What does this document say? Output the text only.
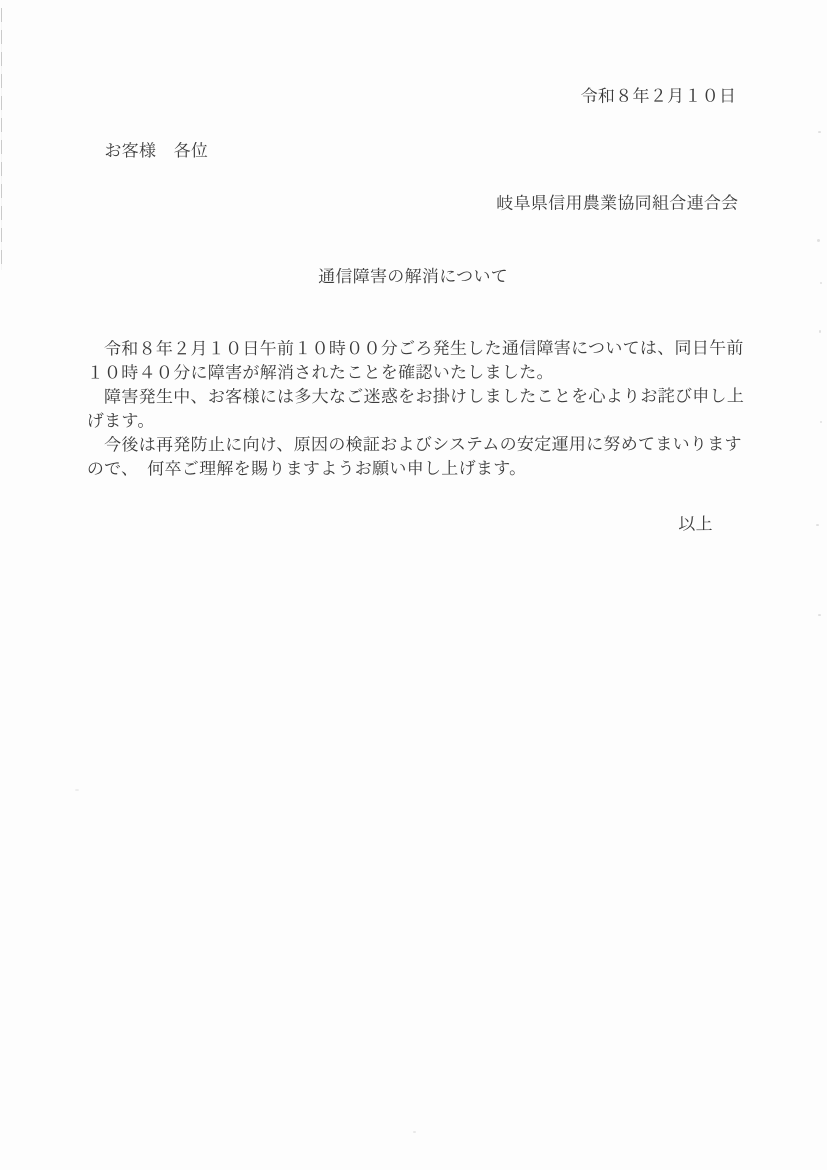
令和８年２月１０日
お客様　各位
岐阜県信用農業協同組合連合会
通信障害の解消について
　令和８年２月１０日午前１０時００分ごろ発生した通信障害については、同日午前
１０時４０分に障害が解消されたことを確認いたしました。
　障害発生中、お客様には多大なご迷惑をお掛けしましたことを心よりお詫び申し上
げます。
　今後は再発防止に向け、原因の検証およびシステムの安定運用に努めてまいります
ので、　何卒ご理解を賜りますようお願い申し上げます。
以上
